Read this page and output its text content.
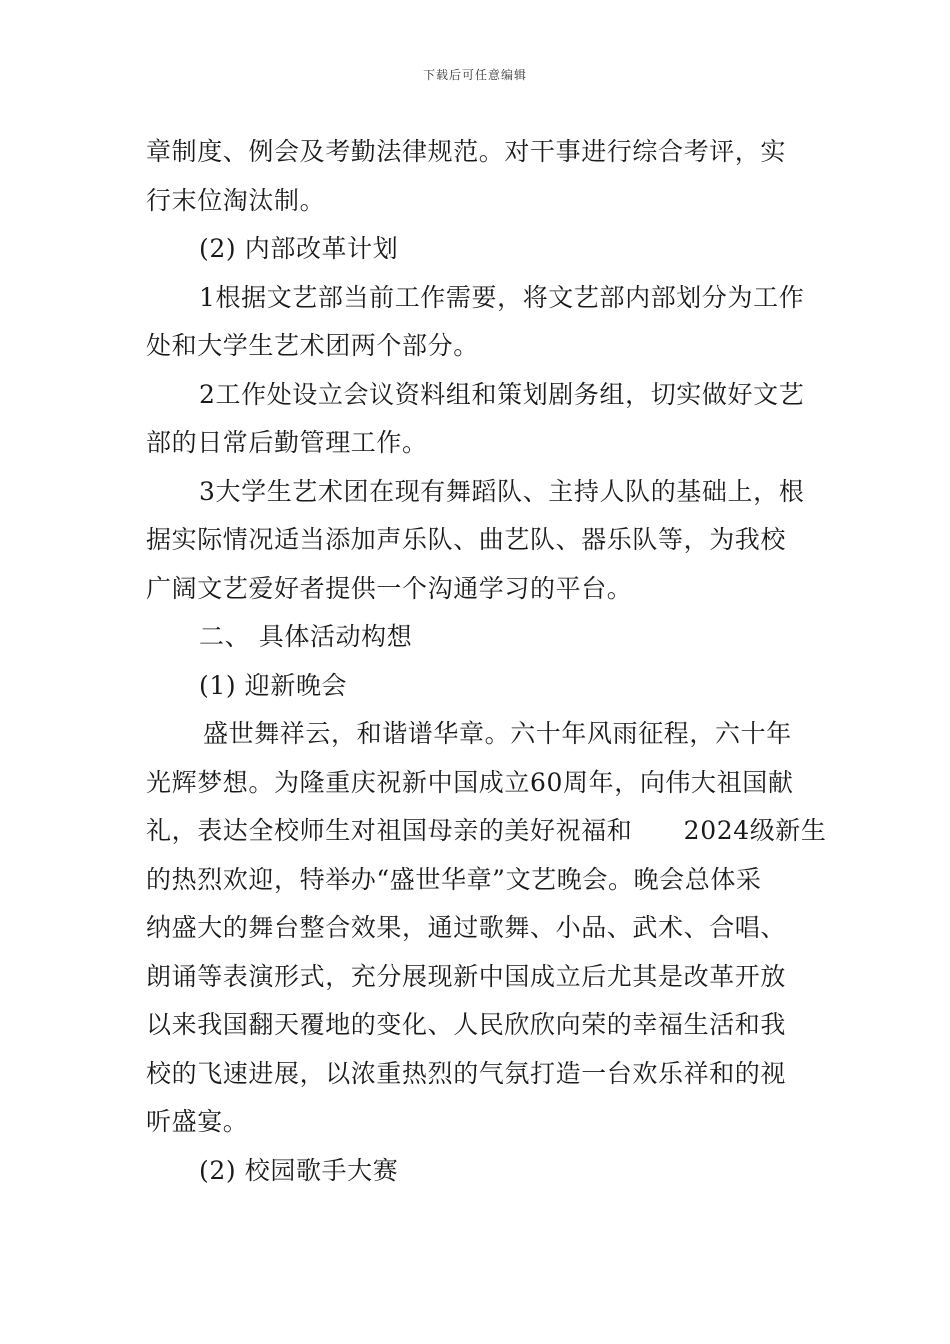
下载后可任意编辑
章制度、例会及考勤法律规范。对干事进行综合考评，实
行末位淘汰制。
(2) 内部改革计划
1根据文艺部当前工作需要，将文艺部内部划分为工作
处和大学生艺术团两个部分。
2工作处设立会议资料组和策划剧务组，切实做好文艺
部的日常后勤管理工作。
3大学生艺术团在现有舞蹈队、主持人队的基础上，根
据实际情况适当添加声乐队、曲艺队、器乐队等，为我校
广阔文艺爱好者提供一个沟通学习的平台。
二、 具体活动构想
(1) 迎新晚会
盛世舞祥云，和谐谱华章。六十年风雨征程，六十年
光辉梦想。为隆重庆祝新中国成立60周年，向伟大祖国献
礼，表达全校师生对祖国母亲的美好祝福和      2024级新生
的热烈欢迎，特举办“盛世华章”文艺晚会。晚会总体采
纳盛大的舞台整合效果，通过歌舞、小品、武术、合唱、
朗诵等表演形式，充分展现新中国成立后尤其是改革开放
以来我国翻天覆地的变化、人民欣欣向荣的幸福生活和我
校的飞速进展，以浓重热烈的气氛打造一台欢乐祥和的视
听盛宴。
(2) 校园歌手大赛
